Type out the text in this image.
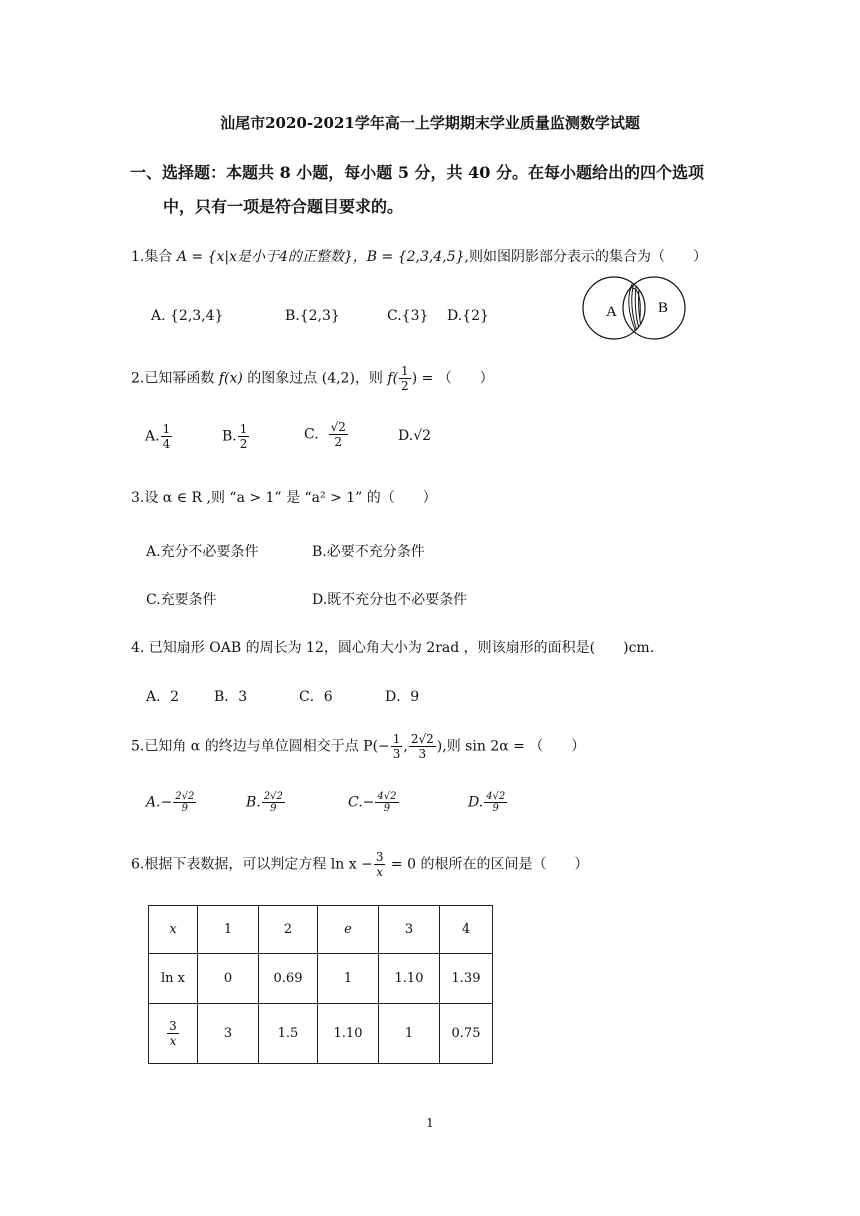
汕尾市2020-2021学年高一上学期期末学业质量监测数学试题
一、选择题：本题共 8 小题，每小题 5 分，共 40 分。在每小题给出的四个选项
中，只有一项是符合题目要求的。
1.集合 A = {x|x是小于4的正整数}，B = {2,3,4,5},则如图阴影部分表示的集合为（　　）
A. {2,3,4}	B.{2,3}	C.{3} D.{2}	A	B
2.已知幂函数 f(x) 的图象过点 (4,2)，则 $f( \frac{1}{2}$ ) = （　　）
A. $\frac{1}{4}$	B. $\frac{1}{2}$	C. $\frac{√2}{2}$	D.√2
3.设 α ∈ R ,则 “a > 1” 是 “a² > 1” 的（　　）
A.充分不必要条件	B.必要不充分条件
C.充要条件	D.既不充分也不必要条件
4. 已知扇形 OAB 的周长为 12，圆心角大小为 2rad ，则该扇形的面积是(　　)cm.
A．2 B．3	C．6	D．9
5.已知角 α 的终边与单位圆相交于点 $P(- \frac{1}{3}$ , $\frac{2√2}{3}$ ),则 sin 2α = （　　）
$A.- \frac{2√2}{9}$	B. $\frac{2√2}{9}$	$C.- \frac{4√2}{9}$	D. $\frac{4√2}{9}$
6.根据下表数据，可以判定方程 $\ln x - \frac{3}{x} = 0$ 的根所在的区间是（　　）
x	1	2	e	3	4
ln x	0	0.69	1	1.10	1.39

$\frac{3}{x}$	3	1.5	1.10	1	0.75
1
